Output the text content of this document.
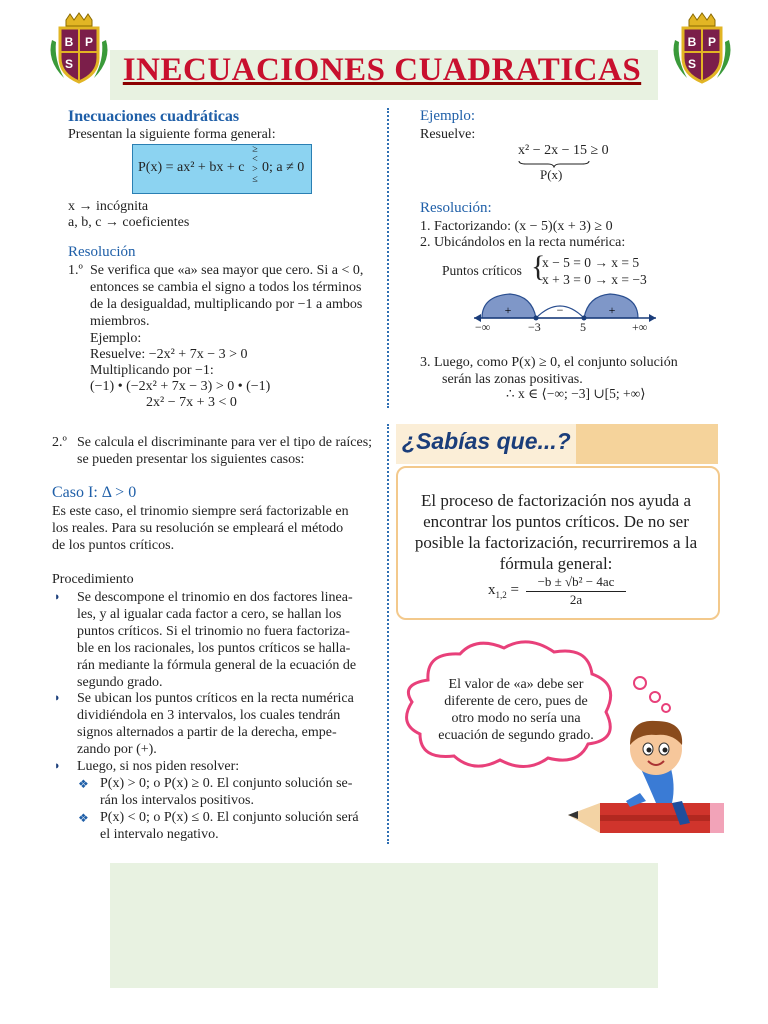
B P
S	INECUACIONES CUADRATICAS
B P
S
Inecuaciones cuadráticas
Presentan la siguiente forma general:
P(x) = ax² + bx + c
≥
<
>
≤
0; a ≠ 0
x → incógnita
a, b, c → coeficientes
Resolución
1.º Se verifica que «a» sea mayor que cero. Si a < 0,
entonces se cambia el signo a todos los términos
de la desigualdad, multiplicando por −1 a ambos
miembros.
Ejemplo:
Resuelve: −2x² + 7x − 3 > 0
Multiplicando por −1:
(−1) • (−2x² + 7x − 3) > 0 • (−1)
2x² − 7x + 3 < 0
Ejemplo:
Resuelve:
x² − 2x − 15 ≥ 0
P(x)
Resolución:
1. Factorizando: (x − 5)(x + 3) ≥ 0
2. Ubicándolos en la recta numérica:
Puntos críticos {
x − 5 = 0 → x = 5
x + 3 = 0 → x = −3
+	−	+
−∞	−3	5	+∞
3. Luego, como P(x) ≥ 0, el conjunto solución
serán las zonas positivas.
∴ x ∈ ⟨−∞; −3] ∪[5; +∞⟩
2.º Se calcula el discriminante para ver el tipo de raíces;
se pueden presentar los siguientes casos:
Caso I: Δ > 0
Es este caso, el trinomio siempre será factorizable en
los reales. Para su resolución se empleará el método
de los puntos críticos.
Procedimiento
◗ Se descompone el trinomio en dos factores linea-
les, y al igualar cada factor a cero, se hallan los
puntos críticos. Si el trinomio no fuera factoriza-
ble en los racionales, los puntos críticos se halla-
rán mediante la fórmula general de la ecuación de
segundo grado.
◗ Se ubican los puntos críticos en la recta numérica
dividiéndola en 3 intervalos, los cuales tendrán
signos alternados a partir de la derecha, empe-
zando por (+).
◗ Luego, si nos piden resolver:
❖ P(x) > 0; o P(x) ≥ 0. El conjunto solución se-
rán los intervalos positivos.
❖ P(x) < 0; o P(x) ≤ 0. El conjunto solución será
el intervalo negativo.
¿Sabías que...?
El proceso de factorización nos ayuda a
encontrar los puntos críticos. De no ser
posible la factorización, recurriremos a la
fórmula general:
$x_{1,2} = \frac{\text{−b ± √b² − 4ac}}{2a}$
El valor de «a» debe ser
diferente de cero, pues de
otro modo no sería una
ecuación de segundo grado.
